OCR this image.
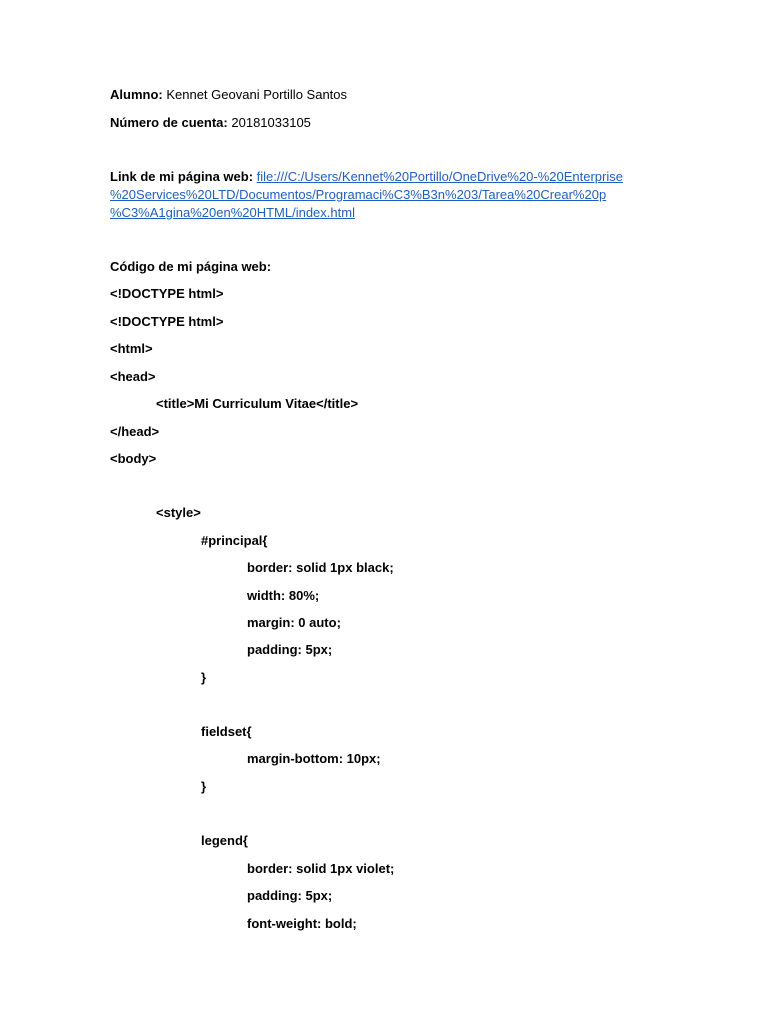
Alumno: Kennet Geovani Portillo Santos
Número de cuenta: 20181033105
Link de mi página web: file:///C:/Users/Kennet%20Portillo/OneDrive%20-%20Enterprise
%20Services%20LTD/Documentos/Programaci%C3%B3n%203/Tarea%20Crear%20p
%C3%A1gina%20en%20HTML/index.html
Código de mi página web:
<!DOCTYPE html>
<!DOCTYPE html>
<html>
<head>
<title>Mi Curriculum Vitae</title>
</head>
<body>
<style>
#principal{
border: solid 1px black;
width: 80%;
margin: 0 auto;
padding: 5px;
}
fieldset{
margin-bottom: 10px;
}
legend{
border: solid 1px violet;
padding: 5px;
font-weight: bold;
